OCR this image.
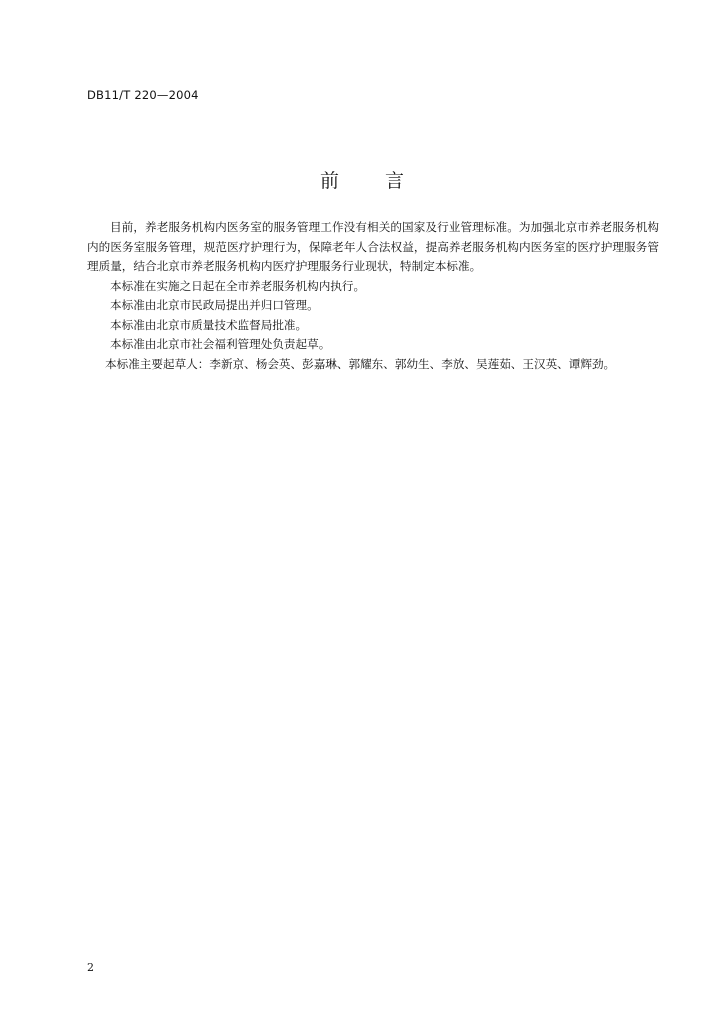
DB11/T 220—2004
前 言

目前，养老服务机构内医务室的服务管理工作没有相关的国家及行业管理标准。为加强北京市养老服务机构内的医务室服务管理，规范医疗护理行为，保障老年人合法权益，提高养老服务机构内医务室的医疗护理服务管理质量，结合北京市养老服务机构内医疗护理服务行业现状，特制定本标准。

本标准在实施之日起在全市养老服务机构内执行。

本标准由北京市民政局提出并归口管理。

本标准由北京市质量技术监督局批准。

本标准由北京市社会福利管理处负责起草。

本标准主要起草人：李新京、杨会英、彭嘉琳、郭耀东、郭幼生、李放、吴莲茹、王汉英、谭辉劲。

2
